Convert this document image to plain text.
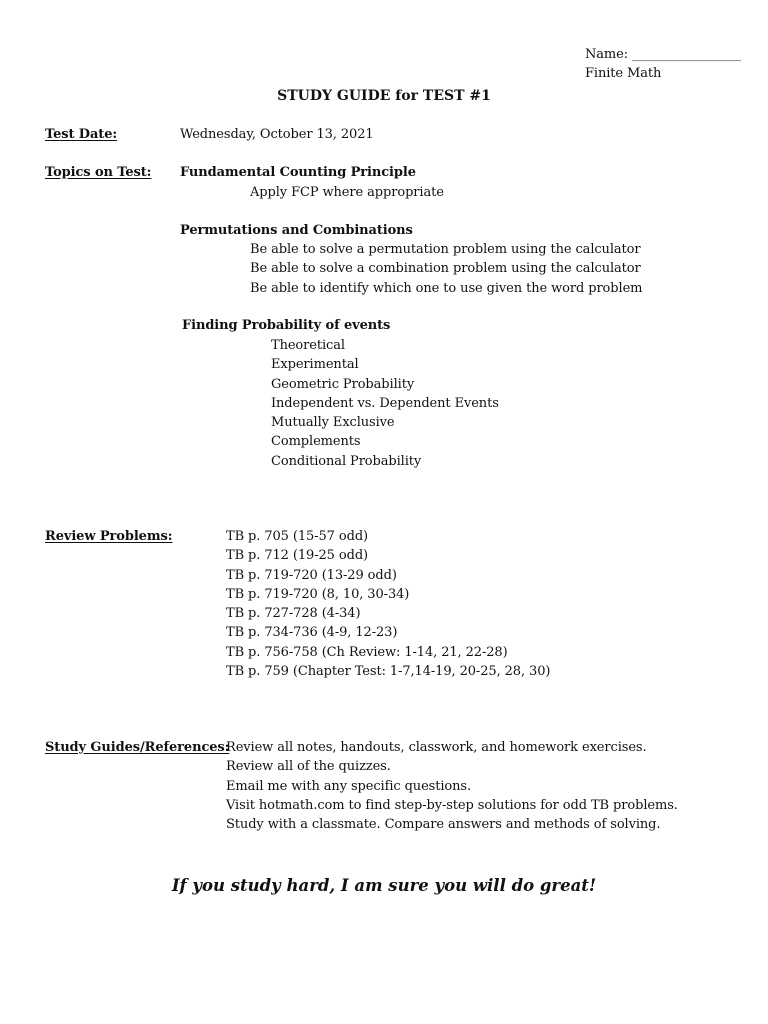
Name: _________________
Finite Math
STUDY GUIDE for TEST #1
Test Date:	Wednesday, October 13, 2021
Topics on Test: Fundamental Counting Principle
Apply FCP where appropriate
Permutations and Combinations
Be able to solve a permutation problem using the calculator
Be able to solve a combination problem using the calculator
Be able to identify which one to use given the word problem
Finding Probability of events
Theoretical
Experimental
Geometric Probability
Independent vs. Dependent Events
Mutually Exclusive
Complements
Conditional Probability
Review Problems:	TB p. 705 (15-57 odd)
TB p. 712 (19-25 odd)
TB p. 719-720 (13-29 odd)
TB p. 719-720 (8, 10, 30-34)
TB p. 727-728 (4-34)
TB p. 734-736 (4-9, 12-23)
TB p. 756-758 (Ch Review: 1-14, 21, 22-28)
TB p. 759 (Chapter Test: 1-7,14-19, 20-25, 28, 30)
Study Guides/References:
Review all notes, handouts, classwork, and homework exercises.
Review all of the quizzes.
Email me with any specific questions.
Visit hotmath.com to find step-by-step solutions for odd TB problems.
Study with a classmate. Compare answers and methods of solving.
If you study hard, I am sure you will do great!
